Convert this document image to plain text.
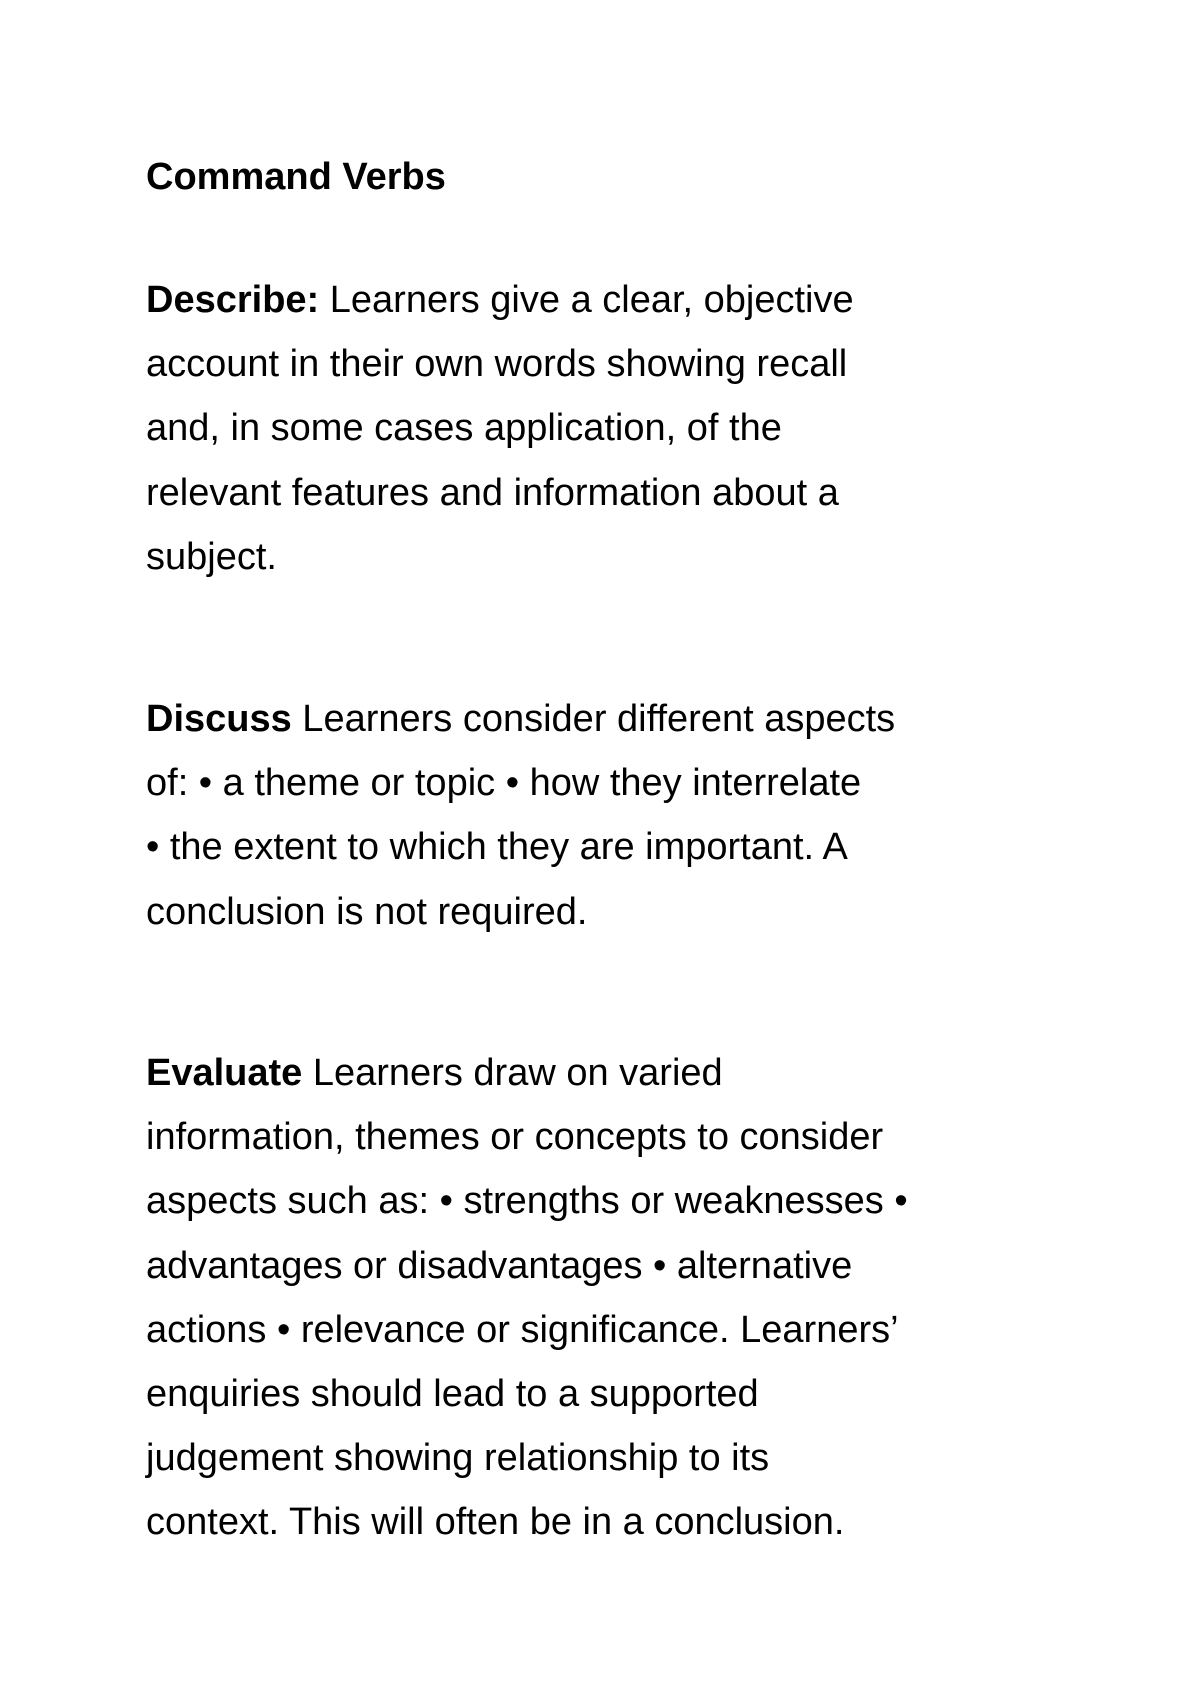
Command Verbs

Describe: Learners give a clear, objective
account in their own words showing recall
and, in some cases application, of the
relevant features and information about a
subject.

Discuss Learners consider different aspects
of: • a theme or topic • how they interrelate
• the extent to which they are important. A
conclusion is not required.

Evaluate Learners draw on varied
information, themes or concepts to consider
aspects such as: • strengths or weaknesses •
advantages or disadvantages • alternative
actions • relevance or significance. Learners’
enquiries should lead to a supported
judgement showing relationship to its
context. This will often be in a conclusion.
